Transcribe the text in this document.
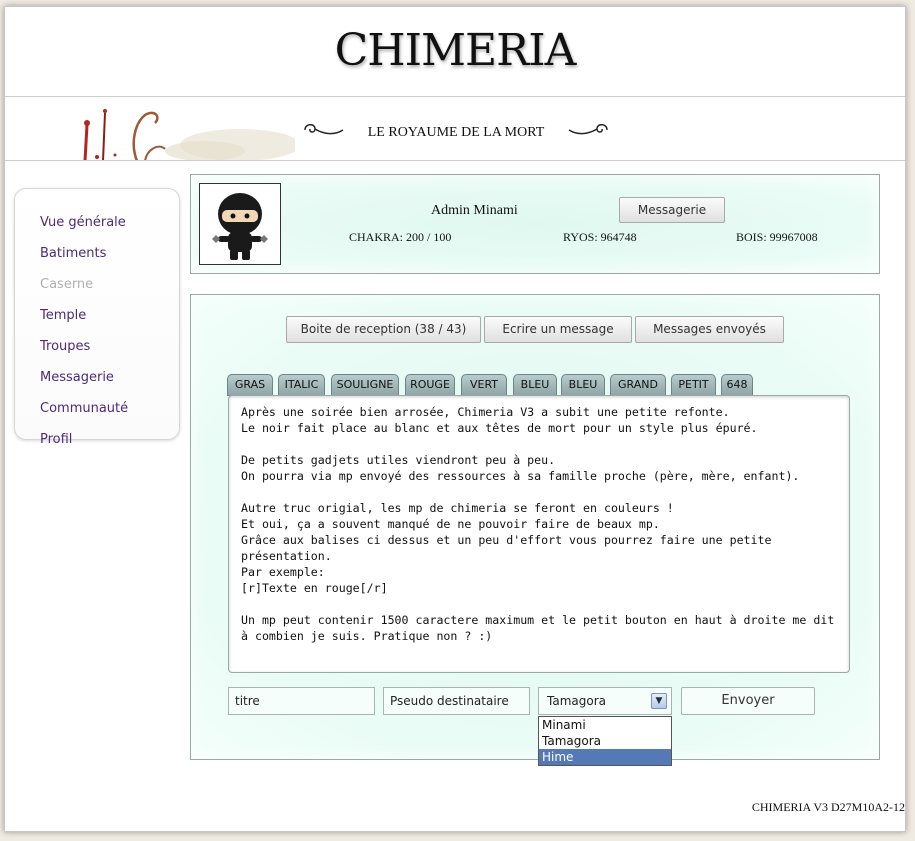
CHIMERIA
LE ROYAUME DE LA MORT
Vue générale
Batiments
Caserne
Temple
Troupes
Messagerie
Communauté
Profil
Admin Minami	Messagerie
CHAKRA: 200 / 100	RYOS: 964748	BOIS: 99967008
Boite de reception (38 / 43)	Ecrire un message	Messages envoyés
GRAS	ITALIC	SOULIGNE	ROUGE	VERT	BLEU	BLEU	GRAND	PETIT	648
Après une soirée bien arrosée, Chimeria V3 a subit une petite refonte.
Le noir fait place au blanc et aux têtes de mort pour un style plus épuré.

De petits gadjets utiles viendront peu à peu.
On pourra via mp envoyé des ressources à sa famille proche (père, mère, enfant).

Autre truc origial, les mp de chimeria se feront en couleurs !
Et oui, ça a souvent manqué de ne pouvoir faire de beaux mp.
Grâce aux balises ci dessus et un peu d'effort vous pourrez faire une petite présentation.
Par exemple:
[r]Texte en rouge[/r]

Un mp peut contenir 1500 caractere maximum et le petit bouton en haut à droite me dit à combien je suis. Pratique non ? :)
titre	Pseudo destinataire	Tamagora	▼
Minami
Tamagora
Hime
Envoyer
CHIMERIA V3 D27M10A2-12
